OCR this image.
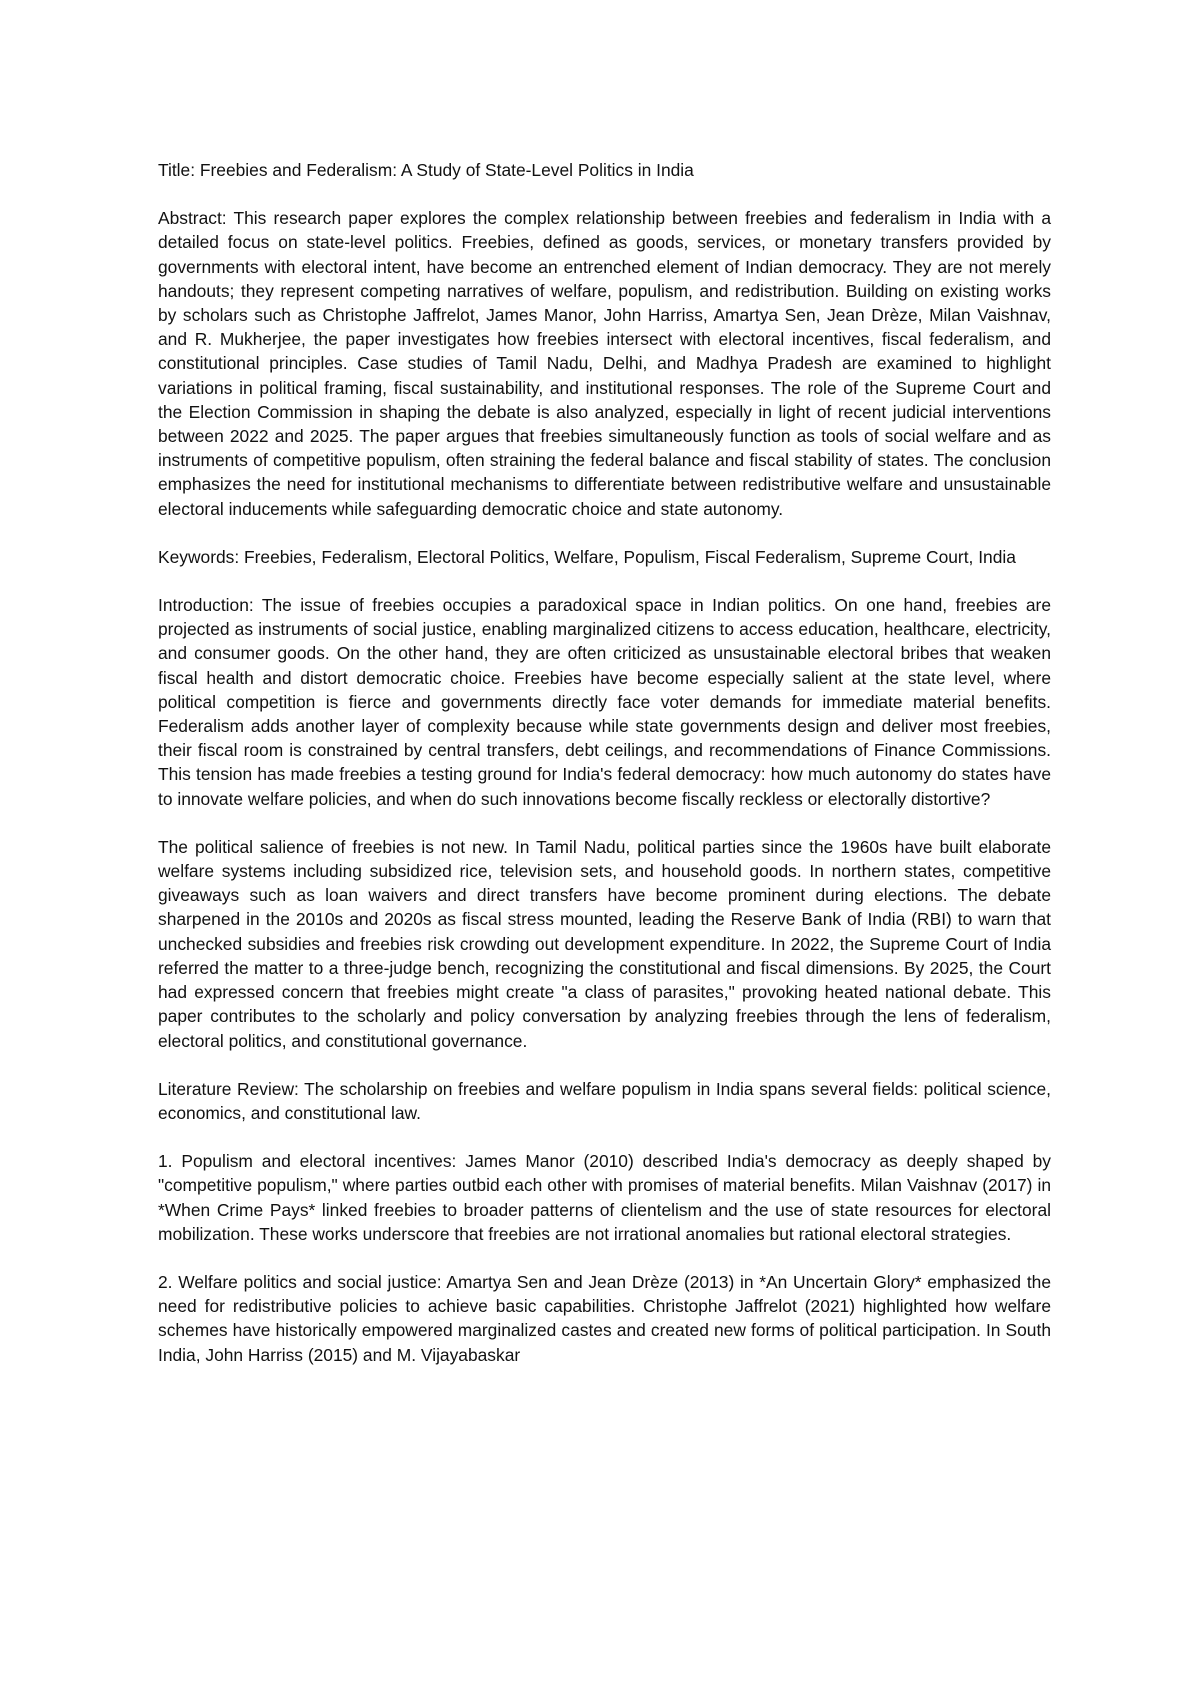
Title: Freebies and Federalism: A Study of State-Level Politics in India

Abstract: This research paper explores the complex relationship between freebies and federalism in India with a detailed focus on state-level politics. Freebies, defined as goods, services, or monetary transfers provided by governments with electoral intent, have become an entrenched element of Indian democracy. They are not merely handouts; they represent competing narratives of welfare, populism, and redistribution. Building on existing works by scholars such as Christophe Jaffrelot, James Manor, John Harriss, Amartya Sen, Jean Drèze, Milan Vaishnav, and R. Mukherjee, the paper investigates how freebies intersect with electoral incentives, fiscal federalism, and constitutional principles. Case studies of Tamil Nadu, Delhi, and Madhya Pradesh are examined to highlight variations in political framing, fiscal sustainability, and institutional responses. The role of the Supreme Court and the Election Commission in shaping the debate is also analyzed, especially in light of recent judicial interventions between 2022 and 2025. The paper argues that freebies simultaneously function as tools of social welfare and as instruments of competitive populism, often straining the federal balance and fiscal stability of states. The conclusion emphasizes the need for institutional mechanisms to differentiate between redistributive welfare and unsustainable electoral inducements while safeguarding democratic choice and state autonomy.

Keywords: Freebies, Federalism, Electoral Politics, Welfare, Populism, Fiscal Federalism, Supreme Court, India

Introduction: The issue of freebies occupies a paradoxical space in Indian politics. On one hand, freebies are projected as instruments of social justice, enabling marginalized citizens to access education, healthcare, electricity, and consumer goods. On the other hand, they are often criticized as unsustainable electoral bribes that weaken fiscal health and distort democratic choice. Freebies have become especially salient at the state level, where political competition is fierce and governments directly face voter demands for immediate material benefits. Federalism adds another layer of complexity because while state governments design and deliver most freebies, their fiscal room is constrained by central transfers, debt ceilings, and recommendations of Finance Commissions. This tension has made freebies a testing ground for India's federal democracy: how much autonomy do states have to innovate welfare policies, and when do such innovations become fiscally reckless or electorally distortive?

The political salience of freebies is not new. In Tamil Nadu, political parties since the 1960s have built elaborate welfare systems including subsidized rice, television sets, and household goods. In northern states, competitive giveaways such as loan waivers and direct transfers have become prominent during elections. The debate sharpened in the 2010s and 2020s as fiscal stress mounted, leading the Reserve Bank of India (RBI) to warn that unchecked subsidies and freebies risk crowding out development expenditure. In 2022, the Supreme Court of India referred the matter to a three-judge bench, recognizing the constitutional and fiscal dimensions. By 2025, the Court had expressed concern that freebies might create "a class of parasites," provoking heated national debate. This paper contributes to the scholarly and policy conversation by analyzing freebies through the lens of federalism, electoral politics, and constitutional governance.

Literature Review: The scholarship on freebies and welfare populism in India spans several fields: political science, economics, and constitutional law.

1. Populism and electoral incentives: James Manor (2010) described India's democracy as deeply shaped by "competitive populism," where parties outbid each other with promises of material benefits. Milan Vaishnav (2017) in *When Crime Pays* linked freebies to broader patterns of clientelism and the use of state resources for electoral mobilization. These works underscore that freebies are not irrational anomalies but rational electoral strategies.

2. Welfare politics and social justice: Amartya Sen and Jean Drèze (2013) in *An Uncertain Glory* emphasized the need for redistributive policies to achieve basic capabilities. Christophe Jaffrelot (2021) highlighted how welfare schemes have historically empowered marginalized castes and created new forms of political participation. In South India, John Harriss (2015) and M. Vijayabaskar
